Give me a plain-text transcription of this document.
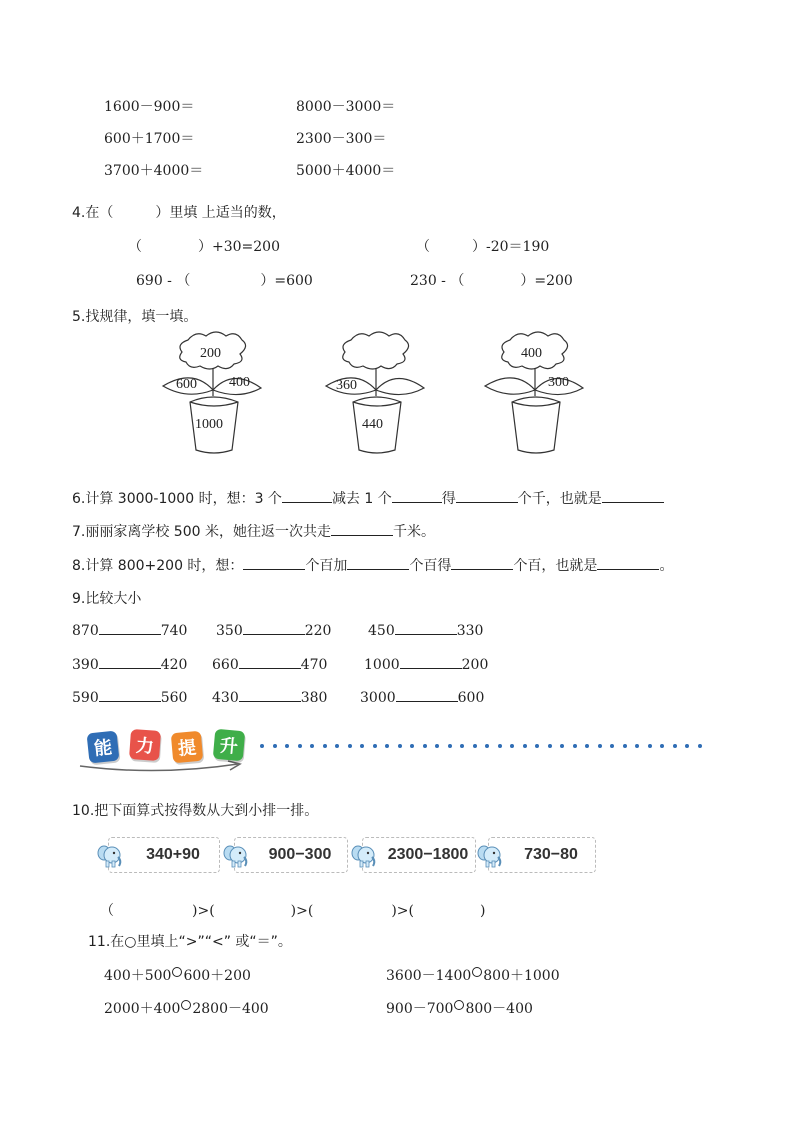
1600－900＝	8000－3000＝
600＋1700＝	2300－300＝
3700＋4000＝	5000＋4000＝
4.在（　　　）里填 上适当的数，
（　　　　）+30=200	（　　　）-20＝190
690 - （　　　　　）=600	230 - （　　　　）=200
5.找规律，填一填。
200
600 400
1000
360
440
400
300
6.计算 3000-1000 时，想：3 个	减去 1 个	得	个千，也就是
7.丽丽家离学校 500 米，她往返一次共走	千米。
8.计算 800+200 时，想：	个百加	个百得	个百，也就是	。
9.比较大小
870	740 350	220	450	330
390	420 660	470	1000	200
590	560 430	380 3000	600
能	力	提	升
10.把下面算式按得数从大到小排一排。
340+90	900−300	2300−1800	730−80
（	)>(	)>(	)>(	)
11.在○里填上“>”“<” 或“＝”。
400＋500 600＋200	3600－1400 800＋1000
2000＋400 2800－400	900－700 800－400
